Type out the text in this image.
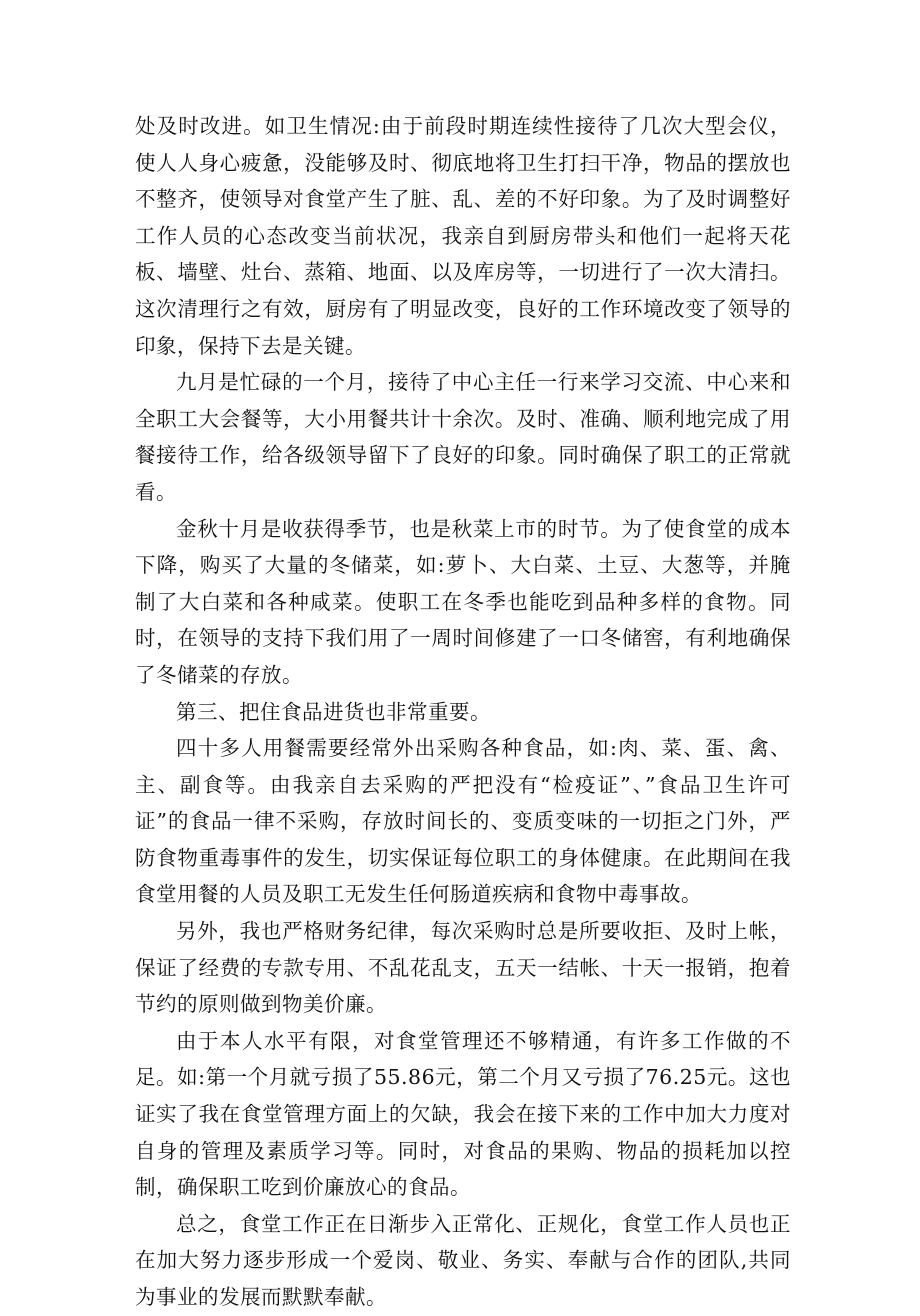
处及时改进。如卫生情况:由于前段时期连续性接待了几次大型会仪，使人人身心疲惫，没能够及时、彻底地将卫生打扫干净，物品的摆放也不整齐，使领导对食堂产生了脏、乱、差的不好印象。为了及时调整好工作人员的心态改变当前状况，我亲自到厨房带头和他们一起将天花板、墙壁、灶台、蒸箱、地面、以及库房等，一切进行了一次大清扫。这次清理行之有效，厨房有了明显改变，良好的工作环境改变了领导的印象，保持下去是关键。

九月是忙碌的一个月，接待了中心主任一行来学习交流、中心来和全职工大会餐等，大小用餐共计十余次。及时、准确、顺利地完成了用餐接待工作，给各级领导留下了良好的印象。同时确保了职工的正常就看。

金秋十月是收获得季节，也是秋菜上市的时节。为了使食堂的成本下降，购买了大量的冬储菜，如:萝卜、大白菜、土豆、大葱等，并腌制了大白菜和各种咸菜。使职工在冬季也能吃到品种多样的食物。同时，在领导的支持下我们用了一周时间修建了一口冬储窖，有利地确保了冬储菜的存放。

第三、把住食品进货也非常重要。

四十多人用餐需要经常外出采购各种食品，如:肉、菜、蛋、禽、主、副食等。由我亲自去采购的严把没有“检疫证”、”食品卫生许可证”的食品一律不采购，存放时间长的、变质变味的一切拒之门外，严防食物重毒事件的发生，切实保证每位职工的身体健康。在此期间在我食堂用餐的人员及职工无发生任何肠道疾病和食物中毒事故。

另外，我也严格财务纪律，每次采购时总是所要收拒、及时上帐，保证了经费的专款专用、不乱花乱支，五天一结帐、十天一报销，抱着节约的原则做到物美价廉。

由于本人水平有限，对食堂管理还不够精通，有许多工作做的不足。如:第一个月就亏损了55.86元，第二个月又亏损了76.25元。这也证实了我在食堂管理方面上的欠缺，我会在接下来的工作中加大力度对自身的管理及素质学习等。同时，对食品的果购、物品的损耗加以控制，确保职工吃到价廉放心的食品。

总之，食堂工作正在日渐步入正常化、正规化，食堂工作人员也正在加大努力逐步形成一个爱岗、敬业、务实、奉献与合作的团队,共同为事业的发展而默默奉献。
